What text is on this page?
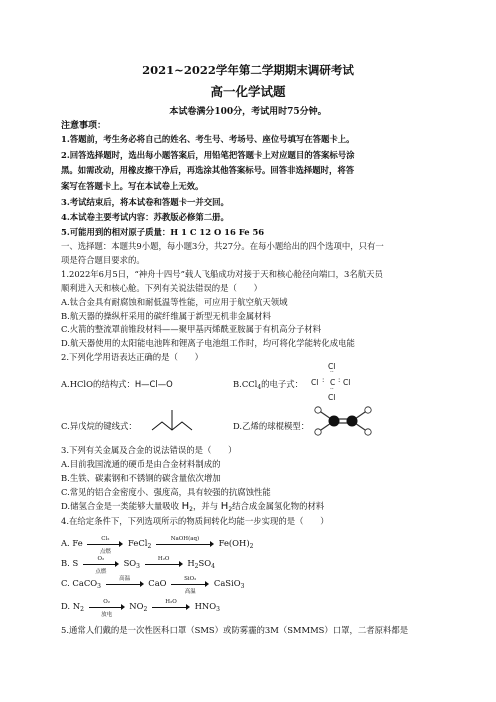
2021~2022学年第二学期期末调研考试
高一化学试题
本试卷满分100分，考试用时75分钟。
注意事项：
1.答题前，考生务必将自己的姓名、考生号、考场号、座位号填写在答题卡上。
2.回答选择题时，选出每小题答案后，用铅笔把答题卡上对应题目的答案标号涂
黑。如需改动，用橡皮擦干净后，再选涂其他答案标号。回答非选择题时，将答
案写在答题卡上。写在本试卷上无效。
3.考试结束后，将本试卷和答题卡一并交回。
4.本试卷主要考试内容：苏教版必修第二册。
5.可能用到的相对原子质量：H 1 C 12 O 16 Fe 56
一、选择题：本题共9小题，每小题3分，共27分。在每小题给出的四个选项中，只有一
项是符合题目要求的。
1.2022年6月5日，“神舟十四号”载人飞船成功对接于天和核心舱径向端口，3名航天员
顺利进入天和核心舱。下列有关说法错误的是（　　）
A.钛合金具有耐腐蚀和耐低温等性能，可应用于航空航天领域
B.航天器的操纵杆采用的碳纤维属于新型无机非金属材料
C.火箭的整流罩前锥段材料——聚甲基丙烯酰亚胺属于有机高分子材料
D.航天器使用的太阳能电池阵和锂离子电池组工作时，均可将化学能转化成电能
2.下列化学用语表达正确的是（　　）
A.HClO的结构式：H—Cl—O	B.CCl$_4$的电子式：
Cl
··
Cl : C : Cl
··
Cl
C.异戊烷的键线式：	D.乙烯的球棍模型：
3.下列有关金属及合金的说法错误的是（　　）
A.目前我国流通的硬币是由合金材料制成的
B.生铁、碳素钢和不锈钢的碳含量依次增加
C.常见的铝合金密度小、强度高，具有较强的抗腐蚀性能
D.储氢合金是一类能够大量吸收 $H_2$，并与 $H_2$结合成金属氢化物的材料
4.在给定条件下，下列选项所示的物质间转化均能一步实现的是（　　）
A. Fe	Cl₂
点燃
FeCl$_2$
NaOH(aq)	$Fe(OH)_2$
B. S	O₂
点燃
$SO_3$
H₂O	$H_2SO_4$
C. CaCO$_3$
高温	CaO	SiO₂
高温
CaSiO$_3$
D. $N_2$
O₂
放电
$NO_2$
H₂O	$HNO_3$
5.通常人们戴的是一次性医科口罩（SMS）或防雾霾的3M（SMMMS）口罩，二者原料都是
